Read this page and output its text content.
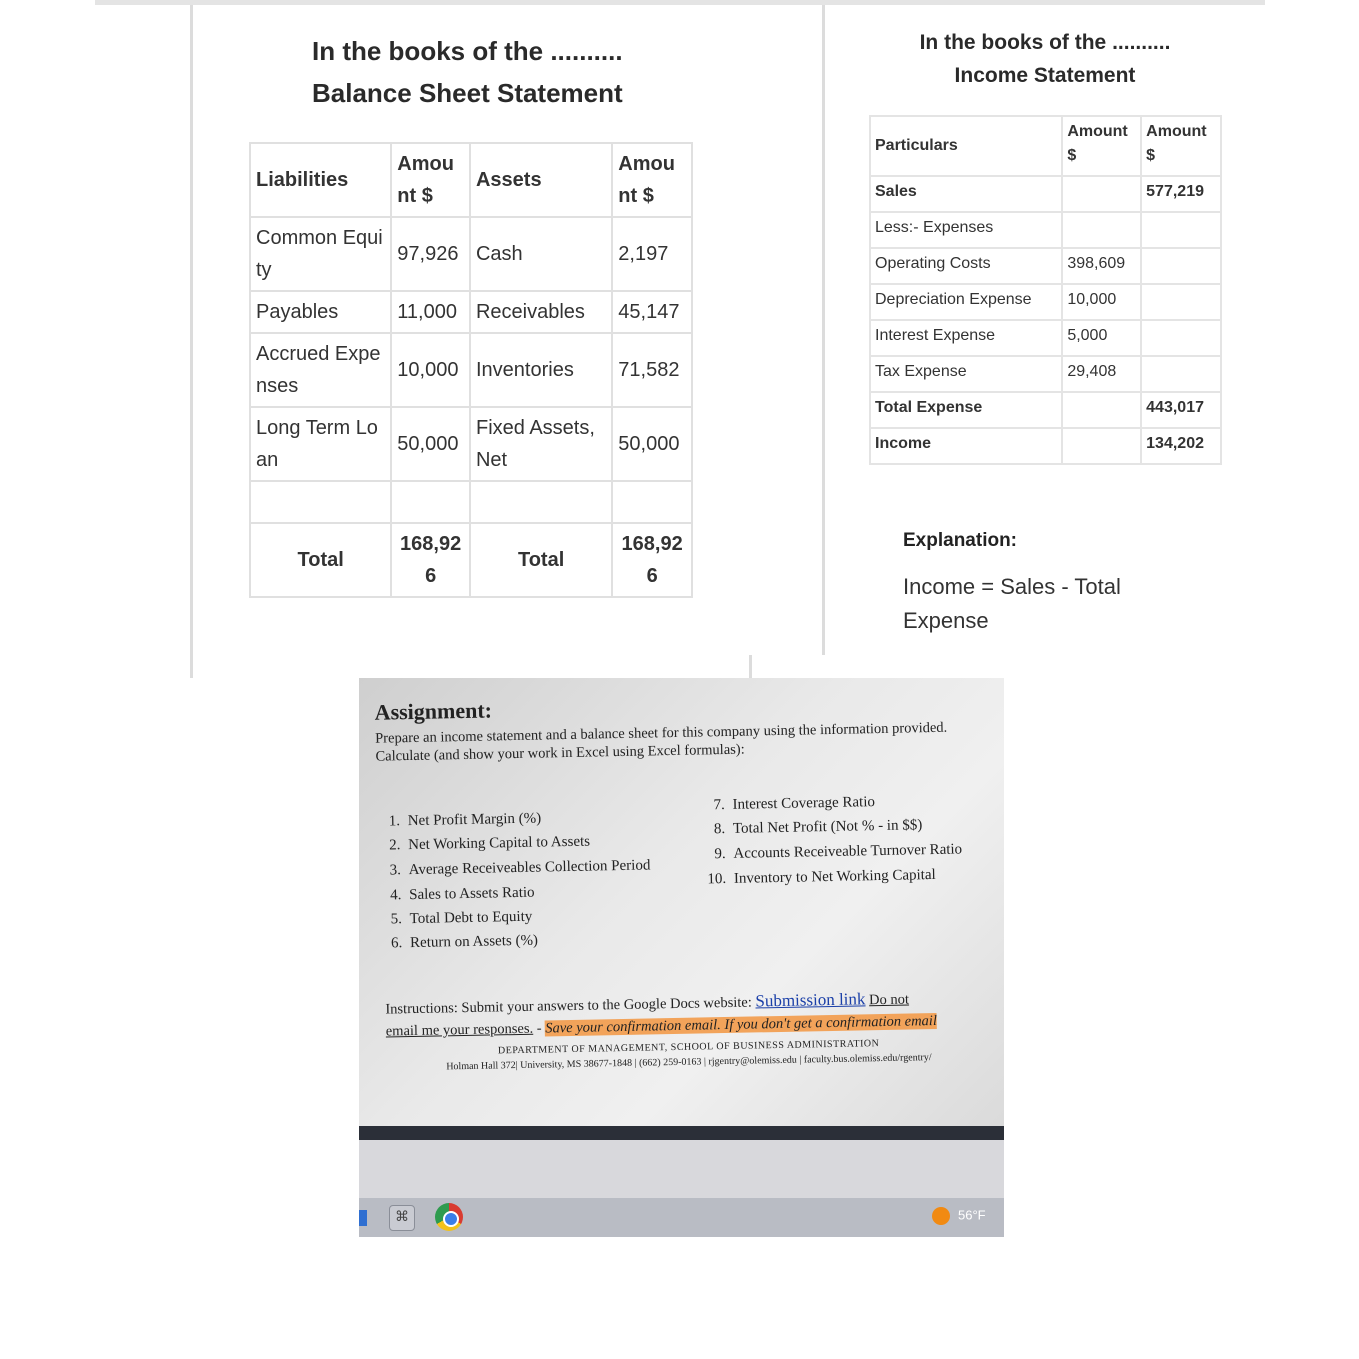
In the books of the ..........
Balance Sheet Statement
Liabilities	Amount $	Assets	Amount $
Common Equity	97,926	Cash	2,197
Payables	11,000	Receivables	45,147
Accrued Expenses	10,000	Inventories	71,582
Long Term Loan	50,000	Fixed Assets, Net	50,000

Total	168,926	Total	168,926
In the books of the ..........
Income Statement
Particulars	Amount $	Amount $
Sales		577,219
Less:- Expenses		
Operating Costs	398,609	
Depreciation Expense	10,000	
Interest Expense	5,000	
Tax Expense	29,408	
Total Expense		443,017
Income		134,202
Explanation:
Income = Sales - Total Expense
Assignment:
Prepare an income statement and a balance sheet for this company using the information provided. Calculate (and show your work in Excel using Excel formulas):
1. Net Profit Margin (%)
2. Net Working Capital to Assets
3. Average Receiveables Collection Period
4. Sales to Assets Ratio
5. Total Debt to Equity
6. Return on Assets (%)
7. Interest Coverage Ratio
8. Total Net Profit (Not % - in $$)
9. Accounts Receiveable Turnover Ratio
10. Inventory to Net Working Capital
Instructions: Submit your answers to the Google Docs website: Submission link Do not
email me your responses. - Save your confirmation email. If you don't get a confirmation email
DEPARTMENT OF MANAGEMENT, SCHOOL OF BUSINESS ADMINISTRATION
Holman Hall 372| University, MS 38677-1848 | (662) 259-0163 | rjgentry@olemiss.edu | faculty.bus.olemiss.edu/rgentry/
⌘	56°F
